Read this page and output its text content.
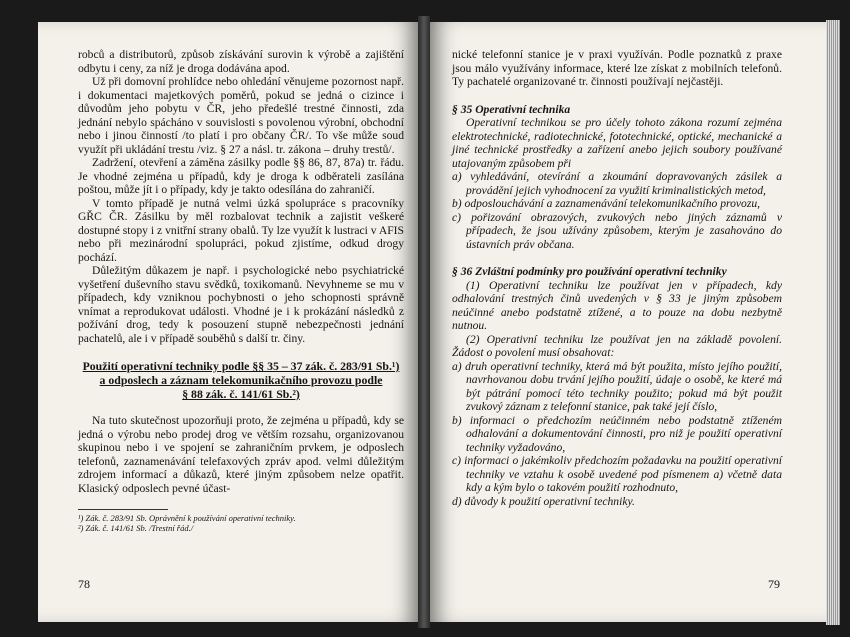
robců a distributorů, způsob získávání surovin k výrobě a zajištění odbytu i ceny, za níž je droga dodávána apod.

Už při domovní prohlídce nebo ohledání věnujeme pozornost např. i dokumentaci majetkových poměrů, pokud se jedná o cizince i důvodům jeho pobytu v ČR, jeho předešlé trestné činnosti, zda jednání nebylo spácháno v souvislosti s povolenou výrobní, obchodní nebo i jinou činností /to platí i pro občany ČR/. To vše může soud využít při ukládání trestu /viz. § 27 a násl. tr. zákona – druhy trestů/.

Zadržení, otevření a záměna zásilky podle §§ 86, 87, 87a) tr. řádu. Je vhodné zejména u případů, kdy je droga k odběrateli zasílána poštou, může jít i o případy, kdy je takto odesílána do zahraničí.

V tomto případě je nutná velmi úzká spolupráce s pracovníky GŘC ČR. Zásilku by měl rozbalovat technik a zajistit veškeré dostupné stopy i z vnitřní strany obalů. Ty lze využít k lustraci v AFIS nebo při mezinárodní spolupráci, pokud zjistíme, odkud drogy pochází.

Důležitým důkazem je např. i psychologické nebo psychiatrické vyšetření duševního stavu svědků, toxikomanů. Nevyhneme se mu v případech, kdy vzniknou pochybnosti o jeho schopnosti správně vnímat a reprodukovat události. Vhodné je i k prokázání následků z požívání drog, tedy k posouzení stupně nebezpečnosti jednání pachatelů, ale i v případě souběhů s další tr. činy.

Použití operativní techniky podle §§ 35 – 37 zák. č. 283/91 Sb.¹)

a odposlech a záznam telekomunikačního provozu podle

§ 88 zák. č. 141/61 Sb.²)

Na tuto skutečnost upozorňuji proto, že zejména u případů, kdy se jedná o výrobu nebo prodej drog ve větším rozsahu, organizovanou skupinou nebo i ve spojení se zahraničním prvkem, je odposlech telefonů, zaznamenávání telefaxových zpráv apod. velmi důležitým zdrojem informací a důkazů, které jiným způsobem nelze opatřit. Klasický odposlech pevné účast-

¹) Zák. č. 283/91 Sb. Oprávnění k používání operativní techniky.

²) Zák. č. 141/61 Sb. /Trestní řád./

78

nické telefonní stanice je v praxi využíván. Podle poznatků z praxe jsou málo využívány informace, které lze získat z mobilních telefonů. Ty pachatelé organizované tr. činnosti používají nejčastěji.

§ 35 Operativní technika

Operativní technikou se pro účely tohoto zákona rozumí zejména elektrotechnické, radiotechnické, fototechnické, optické, mechanické a jiné technické prostředky a zařízení anebo jejich soubory používané utajovaným způsobem při

a) vyhledávání, otevírání a zkoumání dopravovaných zásilek a provádění jejich vyhodnocení za využití kriminalistických metod,

b) odposlouchávání a zaznamenávání telekomunikačního provozu,

c) pořizování obrazových, zvukových nebo jiných záznamů v případech, že jsou užívány způsobem, kterým je zasahováno do ústavních práv občana.

§ 36 Zvláštní podmínky pro používání operativní techniky

(1) Operativní techniku lze používat jen v případech, kdy odhalování trestných činů uvedených v § 33 je jiným způsobem neúčinné anebo podstatně ztížené, a to pouze na dobu nezbytně nutnou.

(2) Operativní techniku lze používat jen na základě povolení. Žádost o povolení musí obsahovat:

a) druh operativní techniky, která má být použita, místo jejího použití, navrhovanou dobu trvání jejího použití, údaje o osobě, ke které má být pátrání pomocí této techniky použito; pokud má být použit zvukový záznam z telefonní stanice, pak také její číslo,

b) informaci o předchozím neúčinném nebo podstatně ztíženém odhalování a dokumentování činnosti, pro niž je použití operativní techniky vyžadováno,

c) informaci o jakémkoliv předchozím požadavku na použití operativní techniky ve vztahu k osobě uvedené pod písmenem a) včetně data kdy a kým bylo o takovém použití rozhodnuto,

d) důvody k použití operativní techniky.

79
